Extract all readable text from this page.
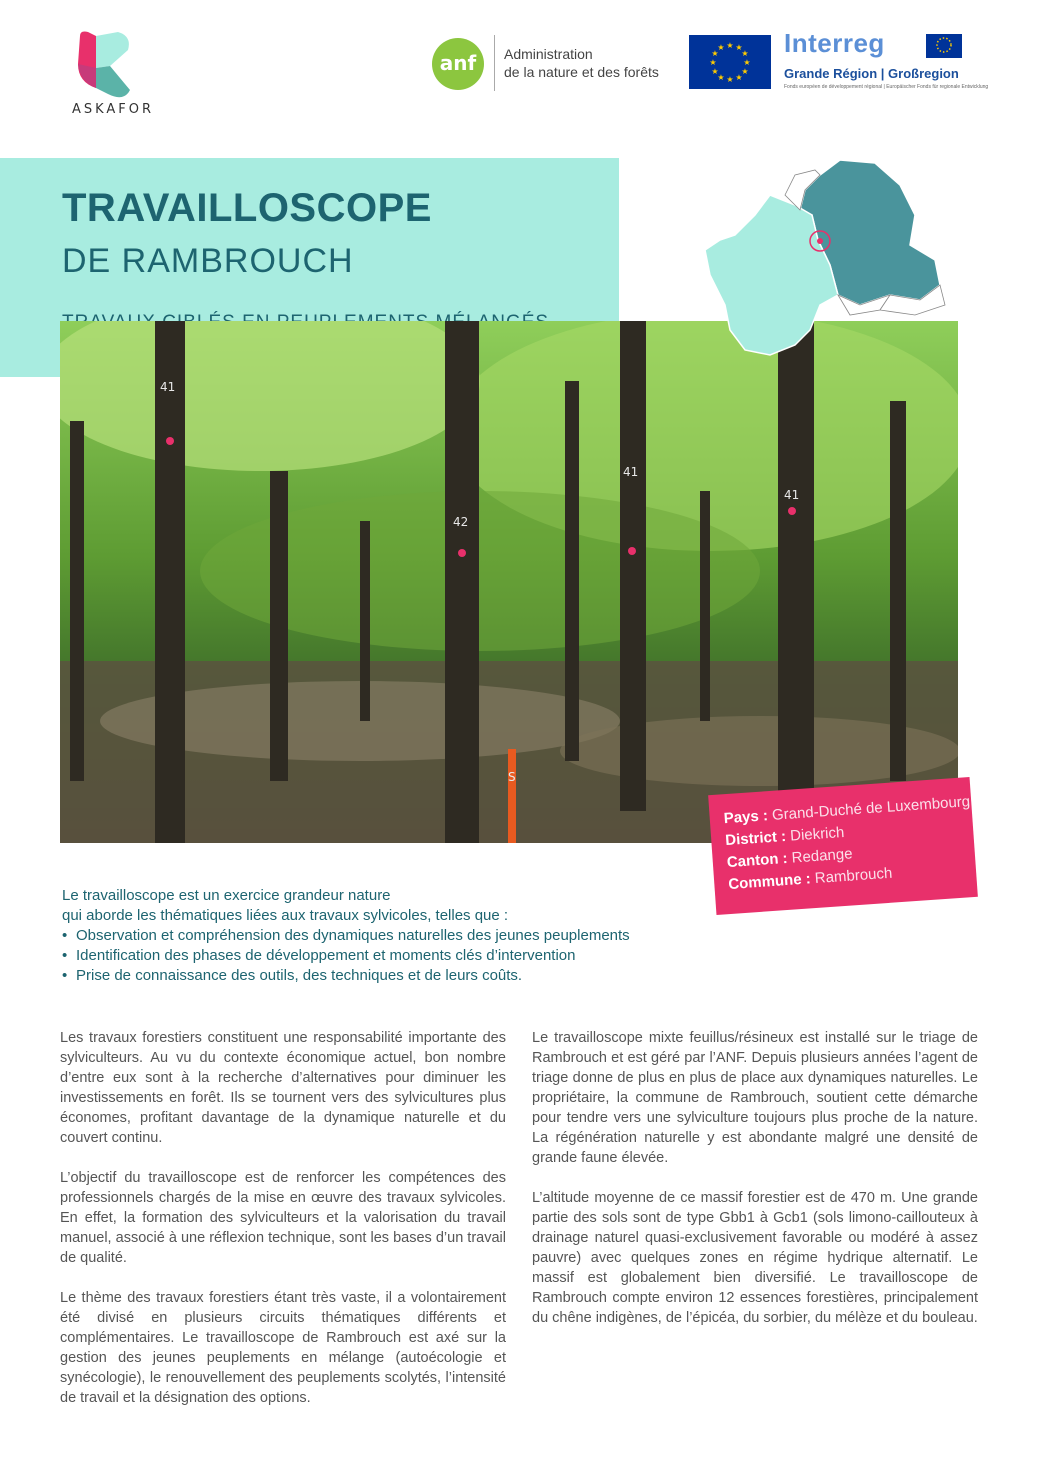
ASKAFOR
anf	Administration
de la nature et des forêts
★ ★
★
★
★
★
★
★
★
★
★
★ Interreg
Grande Région | Großregion
Fonds européen de développement régional | Europäischer Fonds für regionale Entwicklung
TRAVAILLOSCOPE
DE RAMBROUCH
41
42
41
41
S
Pays : Grand-Duché de Luxembourg
District : Diekrich
Canton : Redange
Commune : Rambrouch
Le travailloscope est un exercice grandeur nature
qui aborde les thématiques liées aux travaux sylvicoles, telles que :
• Observation et compréhension des dynamiques naturelles des jeunes peuplements
• Identification des phases de développement et moments clés d’intervention
• Prise de connaissance des outils, des techniques et de leurs coûts.

Les travaux forestiers constituent une responsabilité importante des sylviculteurs. Au vu du contexte économique actuel, bon nombre d’entre eux sont à la recherche d’alternatives pour diminuer les investissements en forêt. Ils se tournent vers des sylvicultures plus économes, profitant davantage de la dynamique naturelle et du couvert continu.

L’objectif du travailloscope est de renforcer les compétences des professionnels chargés de la mise en œuvre des travaux sylvicoles. En effet, la formation des sylviculteurs et la valorisation du travail manuel, associé à une réflexion technique, sont les bases d’un travail de qualité.

Le thème des travaux forestiers étant très vaste, il a volontairement été divisé en plusieurs circuits thématiques différents et complémentaires. Le travailloscope de Rambrouch est axé sur la gestion des jeunes peuplements en mélange (autoécologie et synécologie), le renouvellement des peuplements scolytés, l’intensité de travail et la désignation des options.

Le travailloscope mixte feuillus/résineux est installé sur le triage de Rambrouch et est géré par l’ANF. Depuis plusieurs années l’agent de triage donne de plus en plus de place aux dynamiques naturelles. Le propriétaire, la commune de Rambrouch, soutient cette démarche pour tendre vers une sylviculture toujours plus proche de la nature. La régénération naturelle y est abondante malgré une densité de grande faune élevée.

L’altitude moyenne de ce massif forestier est de 470 m. Une grande partie des sols sont de type Gbb1 à Gcb1 (sols limono-caillouteux à drainage naturel quasi-exclusivement favorable ou modéré à assez pauvre) avec quelques zones en régime hydrique alternatif. Le massif est globalement bien diversifié. Le travailloscope de Rambrouch compte environ 12 essences forestières, principalement du chêne indigènes, de l’épicéa, du sorbier, du mélèze et du bouleau.
